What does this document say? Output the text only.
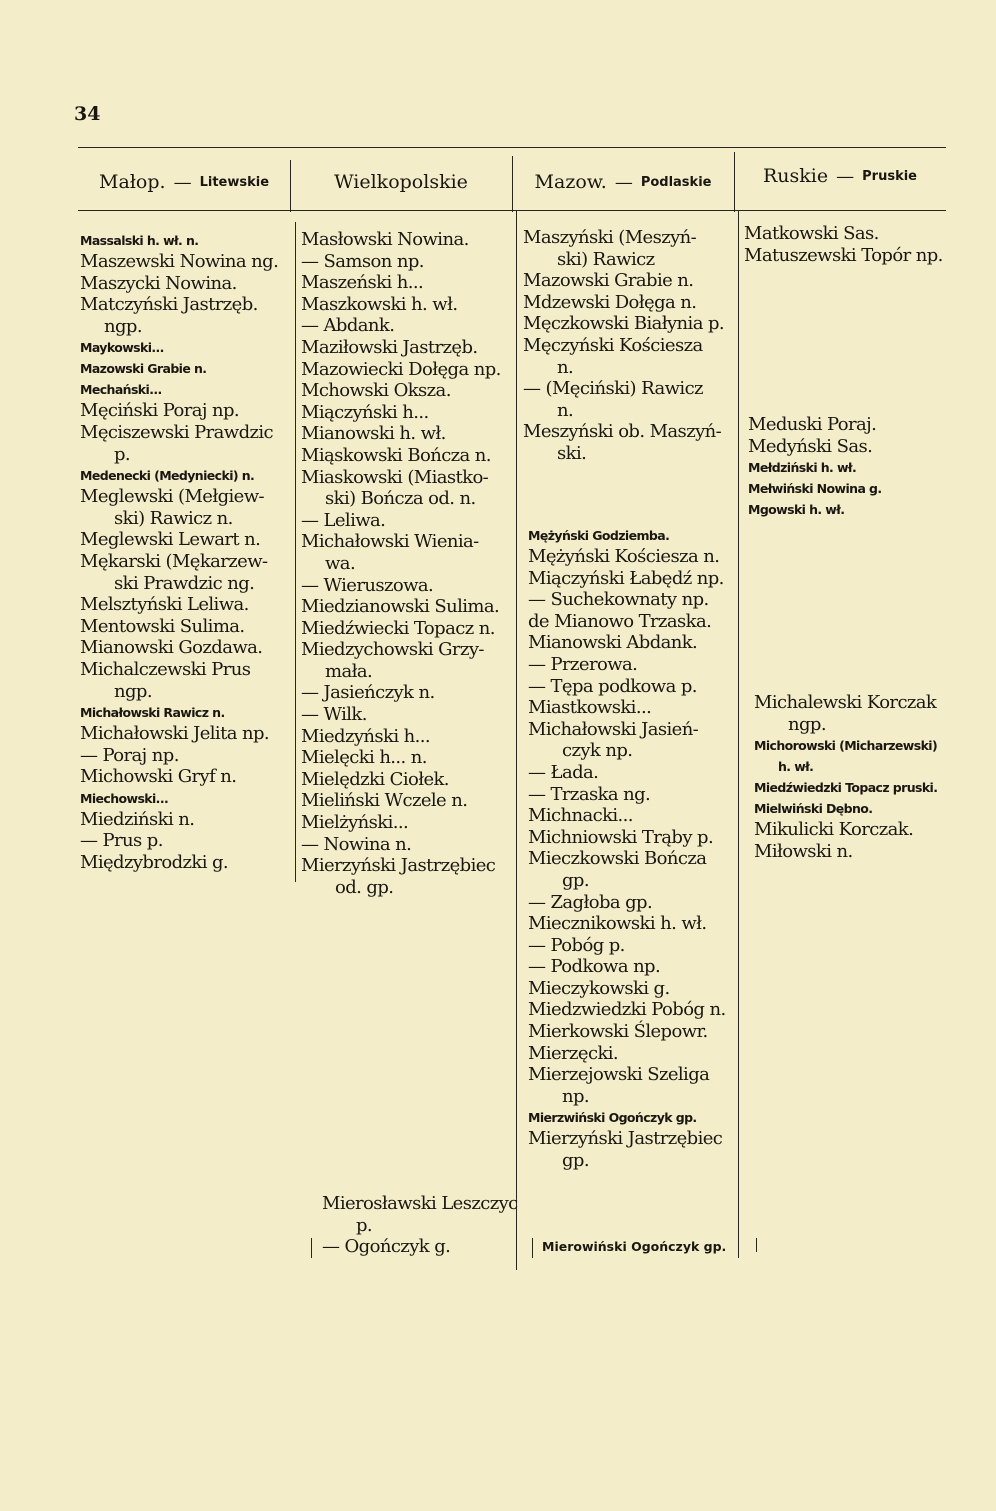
34
Małop. — Litewskie	Wielkopolskie	Mazow. — Podlaskie	Ruskie — Pruskie
Massalski h. wł. n.
Maszewski Nowina ng.
Maszycki Nowina.
Matczyński Jastrzęb.
ngp.
Maykowski...
Mazowski Grabie n.
Mechański...
Męciński Poraj np.
Męciszewski Prawdzic
p.
Medenecki (Medyniecki) n.
Meglewski (Mełgiew-
ski) Rawicz n.
Meglewski Lewart n.
Mękarski (Mękarzew-
ski Prawdzic ng.
Melsztyński Leliwa.
Mentowski Sulima.
Mianowski Gozdawa.
Michalczewski Prus
ngp.
Michałowski Rawicz n.
Michałowski Jelita np.
— Poraj np.
Michowski Gryf n.
Miechowski...
Miedziński n.
— Prus p.
Międzybrodzki g.
Masłowski Nowina.
— Samson np.
Maszeński h...
Maszkowski h. wł.
— Abdank.
Maziłowski Jastrzęb.
Mazowiecki Dołęga np.
Mchowski Oksza.
Miączyński h...
Mianowski h. wł.
Miąskowski Bończa n.
Miaskowski (Miastko-
ski) Bończa od. n.
— Leliwa.
Michałowski Wienia-
wa.
— Wieruszowa.
Miedzianowski Sulima.
Miedźwiecki Topacz n.
Miedzychowski Grzy-
mała.
— Jasieńczyk n.
— Wilk.
Miedzyński h...
Mielęcki h... n.
Mielędzki Ciołek.
Mieliński Wczele n.
Mielżyński...
— Nowina n.
Mierzyński Jastrzębiec
od. gp.
Mierosławski Leszczyc
p.
— Ogończyk g.
Maszyński (Meszyń-
ski) Rawicz
Mazowski Grabie n.
Mdzewski Dołęga n.
Męczkowski Białynia p.
Męczyński Kościesza
n.
— (Męciński) Rawicz
n.
Meszyński ob. Maszyń-
ski.
Mężyński Godziemba.
Mężyński Kościesza n.
Miączyński Łabędź np.
— Suchekownaty np.
de Mianowo Trzaska.
Mianowski Abdank.
— Przerowa.
— Tępa podkowa p.
Miastkowski...
Michałowski Jasień-
czyk np.
— Łada.
— Trzaska ng.
Michnacki...
Michniowski Trąby p.
Mieczkowski Bończa
gp.
— Zagłoba gp.
Miecznikowski h. wł.
— Pobóg p.
— Podkowa np.
Mieczykowski g.
Miedzwiedzki Pobóg n.
Mierkowski Ślepowr.
Mierzęcki.
Mierzejowski Szeliga
np.
Mierzwiński Ogończyk gp.
Mierzyński Jastrzębiec
gp.
Mierowiński Ogończyk gp.
Matkowski Sas.
Matuszewski Topór np.
Meduski Poraj.
Medyński Sas.
Mełdziński h. wł.
Mełwiński Nowina g.
Mgowski h. wł.
Michalewski Korczak
ngp.
Michorowski (Micharzewski)
h. wł.
Miedźwiedzki Topacz pruski.
Mielwiński Dębno.
Mikulicki Korczak.
Miłowski n.
